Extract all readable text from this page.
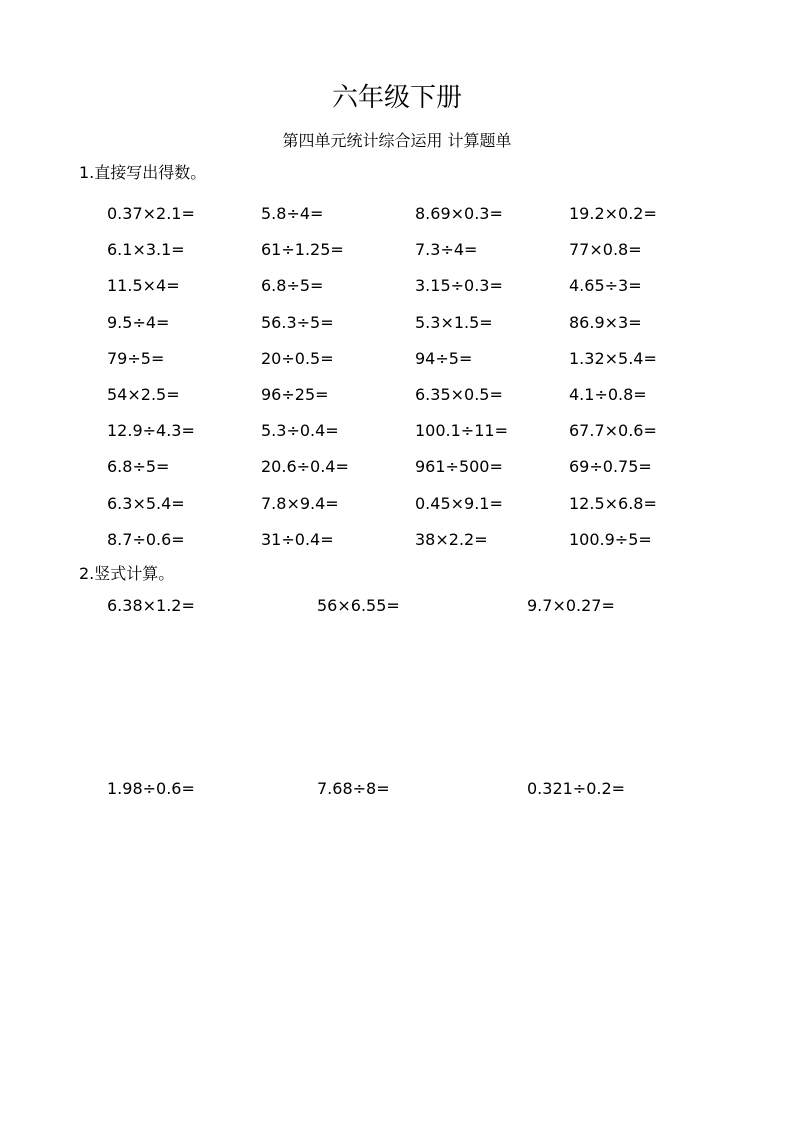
六年级下册
第四单元统计综合运用 计算题单
1.直接写出得数。
0.37×2.1=	5.8÷4=	8.69×0.3=	19.2×0.2=
6.1×3.1=	61÷1.25=	7.3÷4=	77×0.8=
11.5×4=	6.8÷5=	3.15÷0.3=	4.65÷3=
9.5÷4=	56.3÷5=	5.3×1.5=	86.9×3=
79÷5=	20÷0.5=	94÷5=	1.32×5.4=
54×2.5=	96÷25=	6.35×0.5=	4.1÷0.8=
12.9÷4.3=	5.3÷0.4=	100.1÷11=	67.7×0.6=
6.8÷5=	20.6÷0.4=	961÷500=	69÷0.75=
6.3×5.4=	7.8×9.4=	0.45×9.1=	12.5×6.8=
8.7÷0.6=	31÷0.4=	38×2.2=	100.9÷5=
2.竖式计算。
6.38×1.2=	56×6.55=	9.7×0.27=
1.98÷0.6=	7.68÷8=	0.321÷0.2=
